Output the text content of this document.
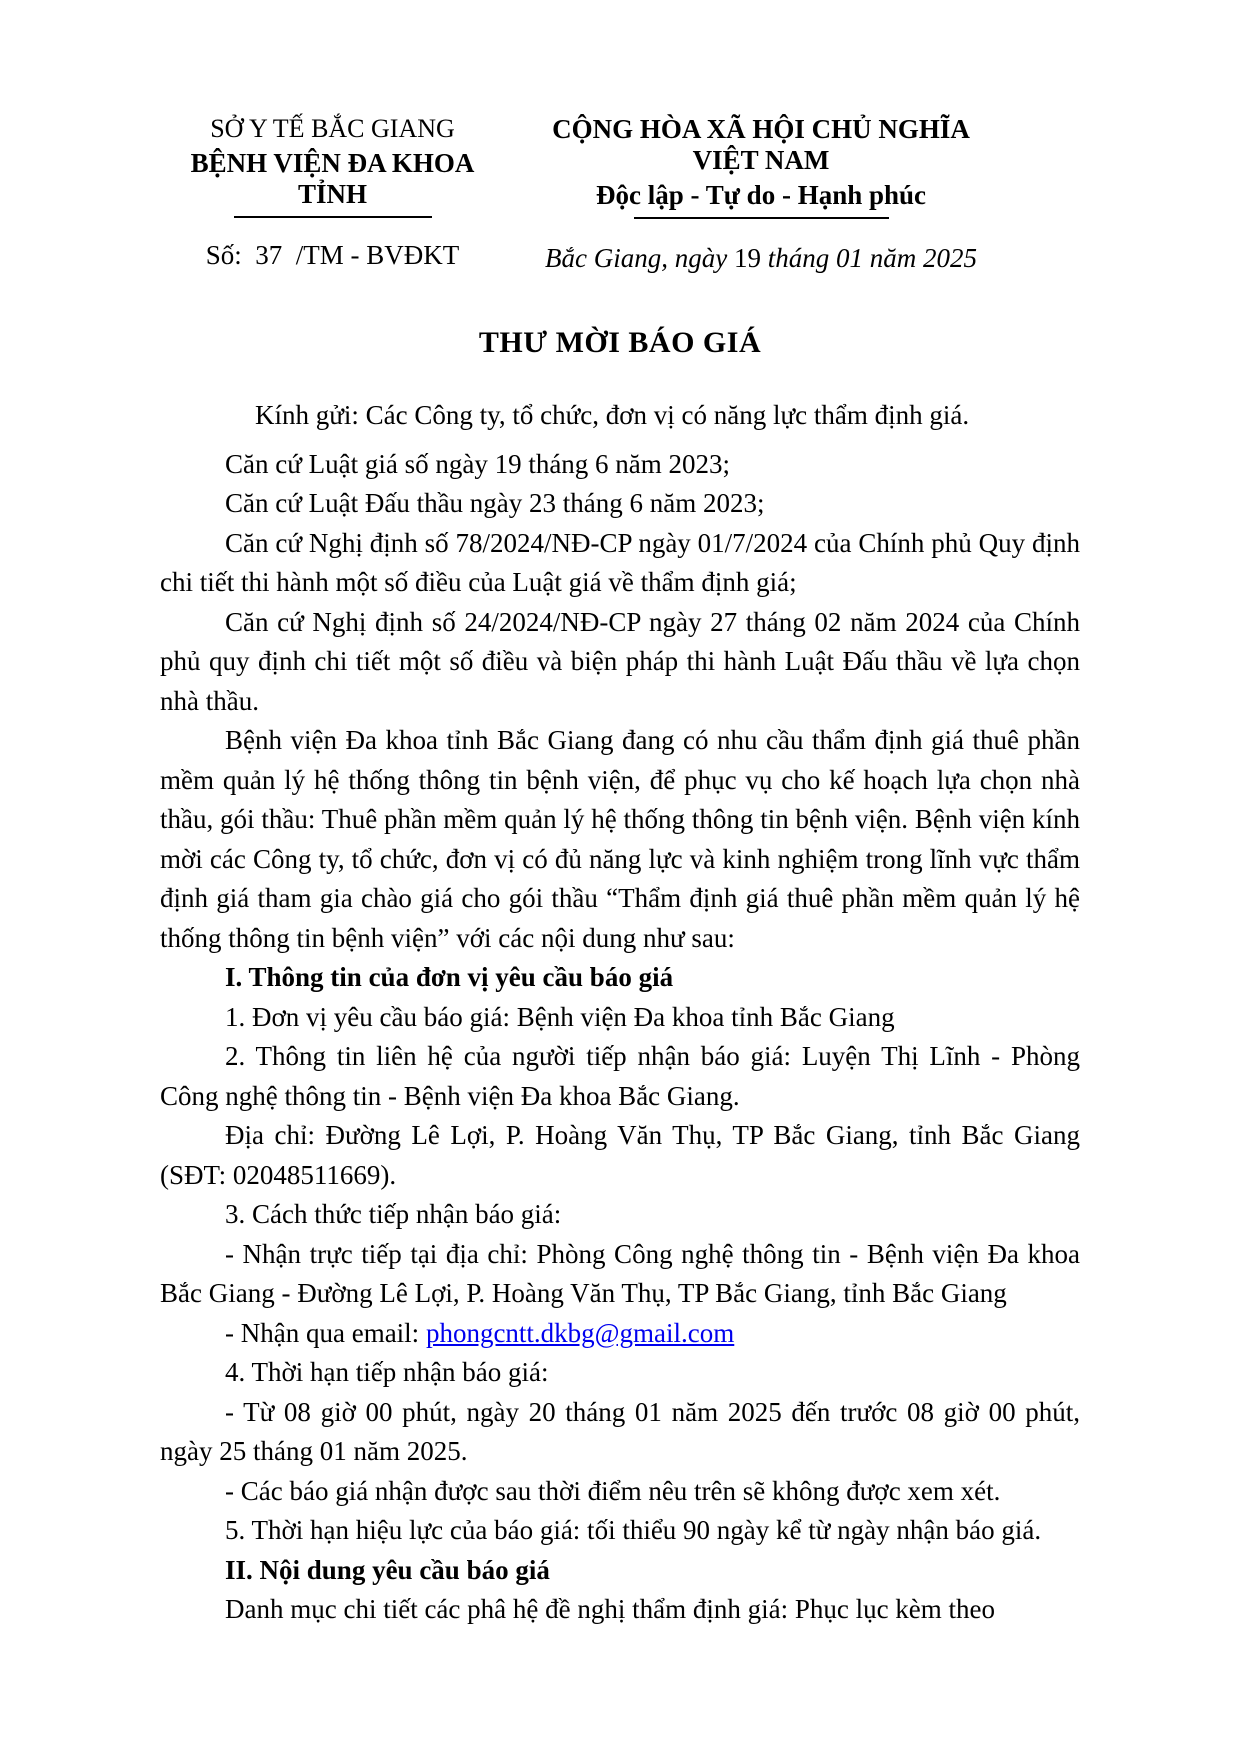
SỞ Y TẾ BẮC GIANG
BỆNH VIỆN ĐA KHOA TỈNH
Số:  37  /TM - BVĐKT
CỘNG HÒA XÃ HỘI CHỦ NGHĨA VIỆT NAM
Độc lập - Tự do - Hạnh phúc
Bắc Giang, ngày 19 tháng 01 năm 2025
THƯ MỜI BÁO GIÁ
Kính gửi: Các Công ty, tổ chức, đơn vị có năng lực thẩm định giá.

Căn cứ Luật giá số ngày 19 tháng 6 năm 2023;

Căn cứ Luật Đấu thầu ngày 23 tháng 6 năm 2023;

Căn cứ Nghị định số 78/2024/NĐ-CP ngày 01/7/2024 của Chính phủ Quy định chi tiết thi hành một số điều của Luật giá về thẩm định giá;

Căn cứ Nghị định số 24/2024/NĐ-CP ngày 27 tháng 02 năm 2024 của Chính phủ quy định chi tiết một số điều và biện pháp thi hành Luật Đấu thầu về lựa chọn nhà thầu.

Bệnh viện Đa khoa tỉnh Bắc Giang đang có nhu cầu thẩm định giá thuê phần mềm quản lý hệ thống thông tin bệnh viện, để phục vụ cho kế hoạch lựa chọn nhà thầu, gói thầu: Thuê phần mềm quản lý hệ thống thông tin bệnh viện. Bệnh viện kính mời các Công ty, tổ chức, đơn vị có đủ năng lực và kinh nghiệm trong lĩnh vực thẩm định giá tham gia chào giá cho gói thầu “Thẩm định giá thuê phần mềm quản lý hệ thống thông tin bệnh viện” với các nội dung như sau:

I. Thông tin của đơn vị yêu cầu báo giá

1. Đơn vị yêu cầu báo giá: Bệnh viện Đa khoa tỉnh Bắc Giang

2. Thông tin liên hệ của người tiếp nhận báo giá: Luyện Thị Lĩnh - Phòng Công nghệ thông tin - Bệnh viện Đa khoa Bắc Giang.

Địa chỉ: Đường Lê Lợi, P. Hoàng Văn Thụ, TP Bắc Giang, tỉnh Bắc Giang (SĐT: 02048511669).

3. Cách thức tiếp nhận báo giá:

- Nhận trực tiếp tại địa chỉ: Phòng Công nghệ thông tin - Bệnh viện Đa khoa Bắc Giang - Đường Lê Lợi, P. Hoàng Văn Thụ, TP Bắc Giang, tỉnh Bắc Giang

- Nhận qua email: phongcntt.dkbg@gmail.com

4. Thời hạn tiếp nhận báo giá:

- Từ 08 giờ 00 phút, ngày 20 tháng 01 năm 2025 đến trước 08 giờ 00 phút, ngày 25 tháng 01 năm 2025.

- Các báo giá nhận được sau thời điểm nêu trên sẽ không được xem xét.

5. Thời hạn hiệu lực của báo giá: tối thiểu 90 ngày kể từ ngày nhận báo giá.

II. Nội dung yêu cầu báo giá

Danh mục chi tiết các phâ hệ đề nghị thẩm định giá: Phục lục kèm theo
